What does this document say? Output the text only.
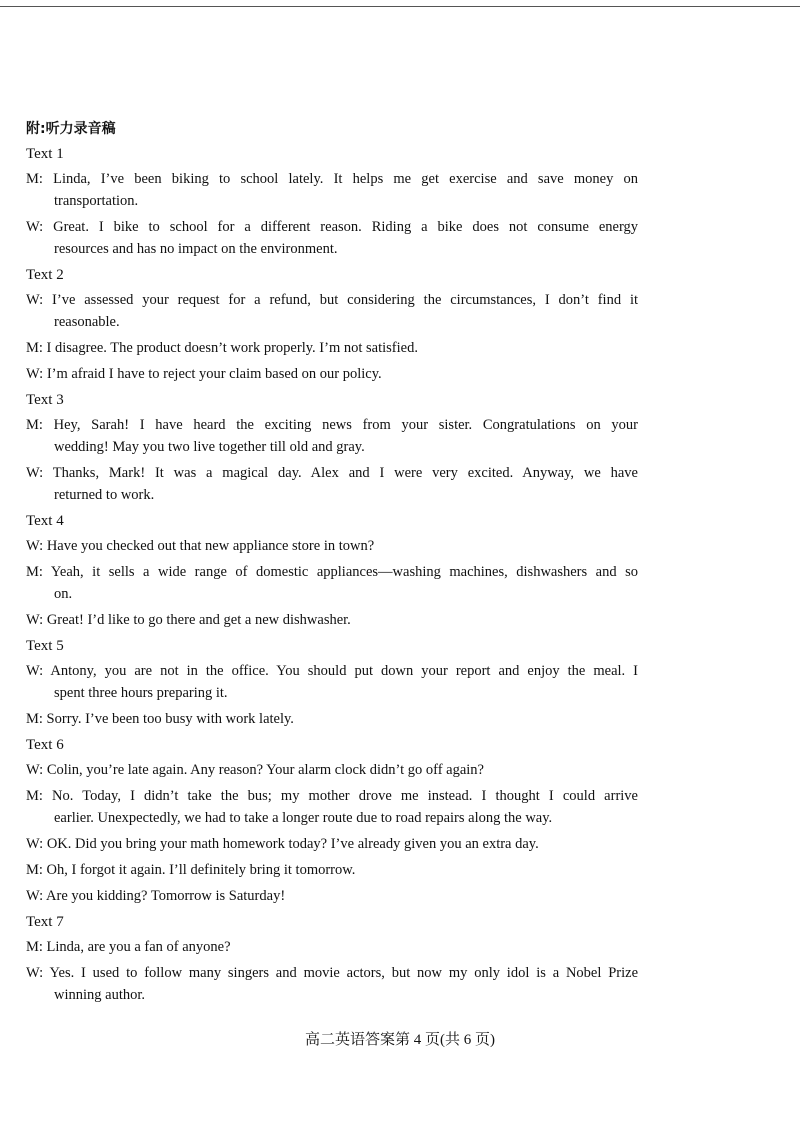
附:听力录音稿
Text 1
M: Linda, I’ve been biking to school lately. It helps me get exercise and save money on
transportation.
W: Great. I bike to school for a different reason. Riding a bike does not consume energy
resources and has no impact on the environment.
Text 2
W: I’ve assessed your request for a refund, but considering the circumstances, I don’t find it
reasonable.
M: I disagree. The product doesn’t work properly. I’m not satisfied.
W: I’m afraid I have to reject your claim based on our policy.
Text 3
M: Hey, Sarah! I have heard the exciting news from your sister. Congratulations on your
wedding! May you two live together till old and gray.
W: Thanks, Mark! It was a magical day. Alex and I were very excited. Anyway, we have
returned to work.
Text 4
W: Have you checked out that new appliance store in town?
M: Yeah, it sells a wide range of domestic appliances—washing machines, dishwashers and so
on.
W: Great! I’d like to go there and get a new dishwasher.
Text 5
W: Antony, you are not in the office. You should put down your report and enjoy the meal. I
spent three hours preparing it.
M: Sorry. I’ve been too busy with work lately.
Text 6
W: Colin, you’re late again. Any reason? Your alarm clock didn’t go off again?
M: No. Today, I didn’t take the bus; my mother drove me instead. I thought I could arrive
earlier. Unexpectedly, we had to take a longer route due to road repairs along the way.
W: OK. Did you bring your math homework today? I’ve already given you an extra day.
M: Oh, I forgot it again. I’ll definitely bring it tomorrow.
W: Are you kidding? Tomorrow is Saturday!
Text 7
M: Linda, are you a fan of anyone?
W: Yes. I used to follow many singers and movie actors, but now my only idol is a Nobel Prize
winning author.
高二英语答案第 4 页(共 6 页)
